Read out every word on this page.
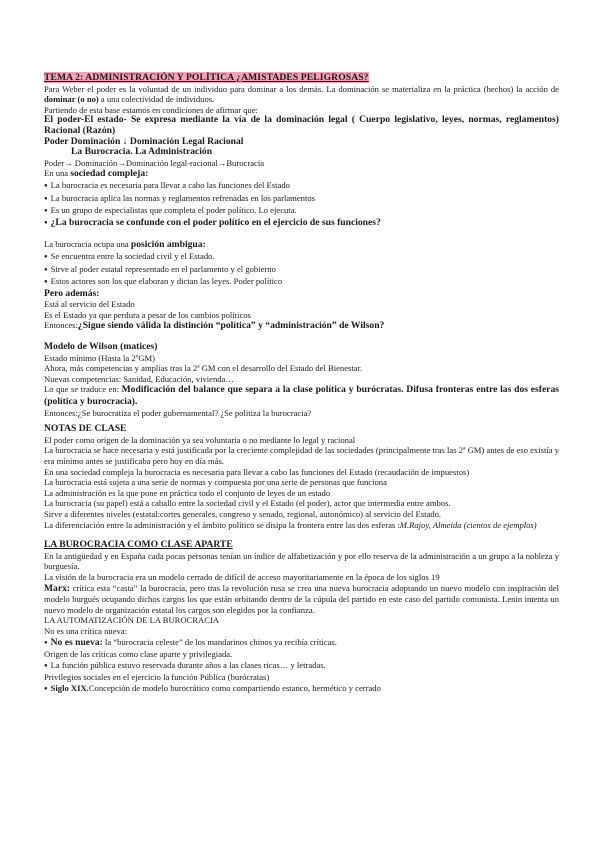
TEMA 2: ADMINISTRACIÓN Y POLÍTICA ¿AMISTADES PELIGROSAS?
Para Weber el poder es la voluntad de un individuo para dominar a los demás. La dominación se materializa en la práctica (hechos) la acción de dominar (o no) a una colectividad de individuos.
Partiendo de esta base estamos en condiciones de afirmar que:
El poder-El estado- Se expresa mediante la vía de la dominación legal ( Cuerpo legislativo, leyes, normas, reglamentos) Racional (Razón)
Poder Dominación ↓ Dominación Legal Racional
La Burocracia. La Administración
Poder→ Dominación→Dominación legal-racional→Burocracia
En una sociedad compleja:
● La burocracia es necesaria para llevar a cabo las funciones del Estado
● La burocracia aplica las normas y reglamentos refrenadas en los parlamentos
● Es un grupo de especialistas que completa el poder político. Lo ejecuta.
● ¿La burocracia se confunde con el poder político en el ejercicio de sus funciones?
La burocracia ocupa una posición ambigua:
● Se encuentra entre la sociedad civil y el Estado.
● Sirve al poder estatal representado en el parlamento y el gobierno
● Estos actores son los que elaboran y dictan las leyes. Poder político
Pero además:
Está al servicio del Estado
Es el Estado ya que perdura a pesar de los cambios políticos
Entonces:¿Sigue siendo válida la distinción “política” y “administración” de Wilson?
Modelo de Wilson (matices)
Estado mínimo (Hasta la 2ºGM)
Ahora, más competencias y amplias tras la 2ª GM con el desarrollo del Estado del Bienestar.
Nuevas competencias: Sanidad, Educación, vivienda…
Lo que se traduce en: Modificación del balance que separa a la clase política y burócratas. Difusa fronteras entre las dos esferas (política y burocracia).
Entonces:¿Se burocratiza el poder gubernamental? ¿Se politiza la burocracia?
NOTAS DE CLASE
El poder como origen de la dominación ya sea voluntaria o no mediante lo legal y racional
La burocracia se hace necesaria y está justificada por la creciente complejidad de las sociedades (principalmente tras las 2ª GM) antes de eso existía y era mínimo antes se justificaba pero hoy en día más.
En una sociedad compleja la burocracia es necesaria para llevar a cabo las funciones del Estado (recaudación de impuestos)
La burocracia está sujeta a una serie de normas y compuesta por una serie de personas que funciona
La administración es la que pone en práctica todo el conjunto de leyes de un estado
La burocracia (su papel) está a caballo entre la sociedad civil y el Estado (el poder), actor que intermedia entre ambos.
Sirve a diferentes niveles (estatal:cortes generales, congreso y senado, regional, autonómico) al servicio del Estado.
La diferenciación entre la administración y el ámbito político se disipa la frontera entre las dos esferas :M.Rajoy, Almeida (cientos de ejemplos)
LA BUROCRACIA COMO CLASE APARTE
En la antigüedad y en España cada pocas personas tenían un índice de alfabetización y por ello reserva de la administración a un grupo a la nobleza y burguesía.
La visión de la burocracia era un modelo cerrado de difícil de acceso mayoritariamente en la época de los siglos 19
Marx: crítica esta “casta” la burocracia, pero tras la revolución rusa se crea una nueva burocracia adoptando un nuevo modelo con inspiración del modelo burgués ocupando dichos cargos los que están orbitando dentro de la cúpula del partido en este caso del partido comunista. Lenin intenta un nuevo modelo de organización estatal los cargos son elegidos por la confianza.
LA AUTOMATIZACIÓN DE LA BUROCRACIA
No es una crítica nueva:
● No es nueva: la “burocracia celeste” de los mandarinos chinos ya recibía críticas.
Origen de las críticas como clase aparte y privilegiada.
● La función pública estuvo reservada durante años a las clases ricas… y letradas.
Privilegios sociales en el ejercicio la función Pública (burócratas)
● Siglo XIX.Concepción de modelo burocrático como compartiendo estanco, hermético y cerrado
